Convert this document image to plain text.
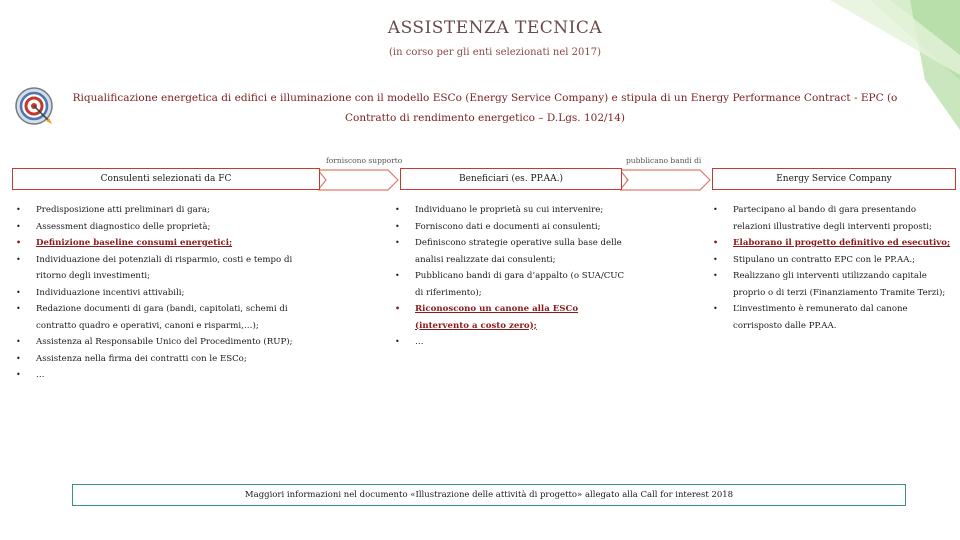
ASSISTENZA TECNICA
(in corso per gli enti selezionati nel 2017)
Riqualificazione energetica di edifici e illuminazione con il modello ESCo (Energy Service Company) e stipula di un Energy Performance Contract - EPC (o Contratto di rendimento energetico – D.Lgs. 102/14)
forniscono supporto	pubblicano bandi di
Consulenti selezionati da FC	Beneficiari (es. PP.AA.)	Energy Service Company
• Predisposizione atti preliminari di gara;
• Assessment diagnostico delle proprietà;
• Definizione baseline consumi energetici;
• Individuazione dei potenziali di risparmio, costi e tempo di ritorno degli investimenti;
• Individuazione incentivi attivabili;
• Redazione documenti di gara (bandi, capitolati, schemi di contratto quadro e operativi, canoni e risparmi,…);
• Assistenza al Responsabile Unico del Procedimento (RUP);
• Assistenza nella firma dei contratti con le ESCo;
• …
• Individuano le proprietà su cui intervenire;
• Forniscono dati e documenti ai consulenti;
• Definiscono strategie operative sulla base delle analisi realizzate dai consulenti;
• Pubblicano bandi di gara d’appalto (o SUA/CUC di riferimento);
• Riconoscono un canone alla ESCo (intervento a costo zero);
• …
• Partecipano al bando di gara presentando relazioni illustrative degli interventi proposti;
• Elaborano il progetto definitivo ed esecutivo;
• Stipulano un contratto EPC con le PP.AA.;
• Realizzano gli interventi utilizzando capitale proprio o di terzi (Finanziamento Tramite Terzi);
• L’investimento è remunerato dal canone corrisposto dalle PP.AA.
Maggiori informazioni nel documento «Illustrazione delle attività di progetto» allegato alla Call for interest 2018
